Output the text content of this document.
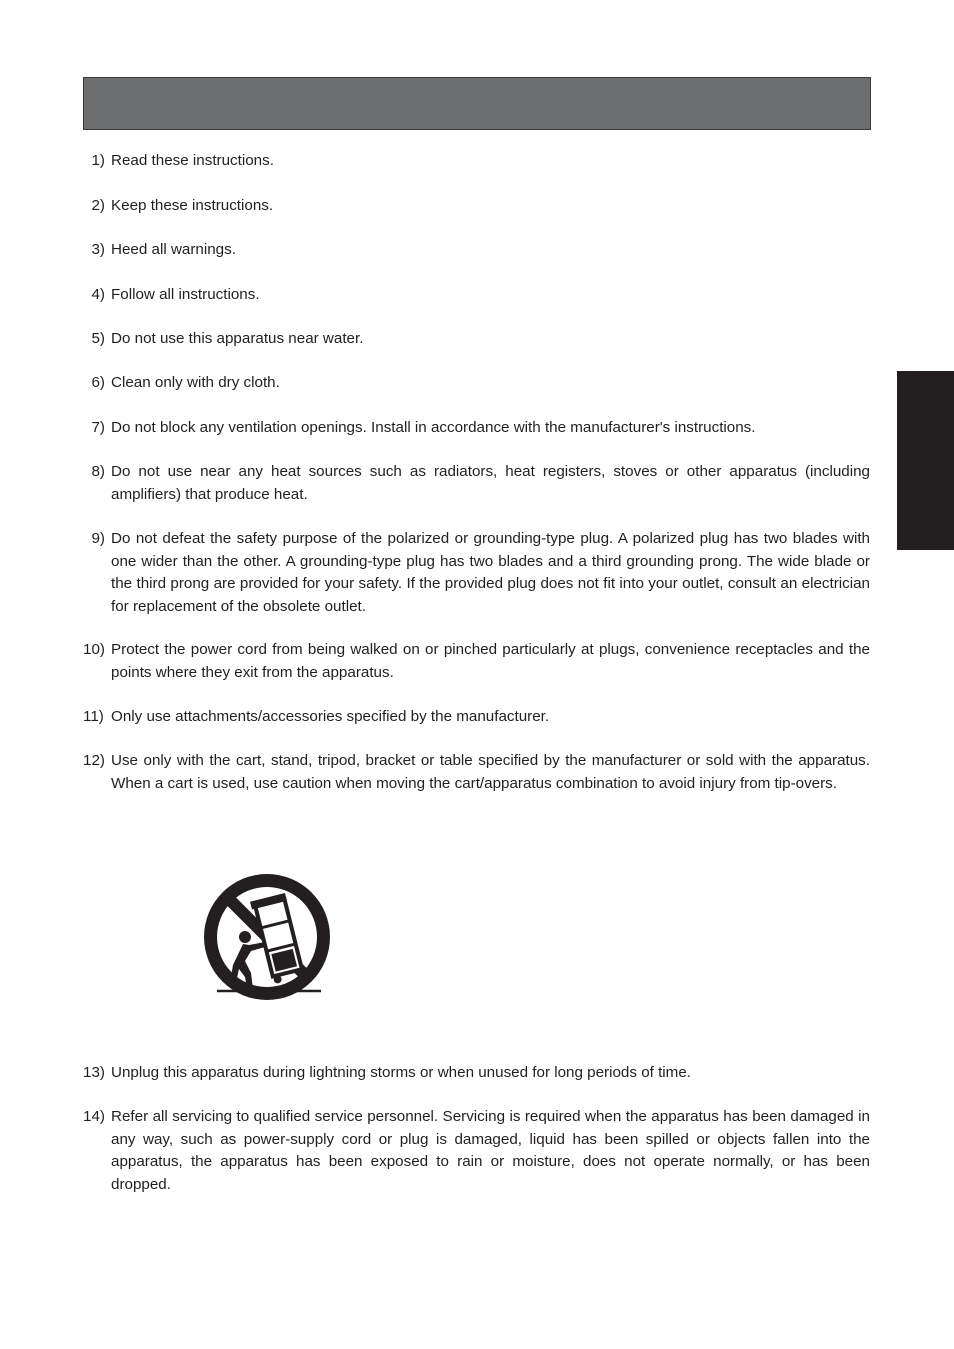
1) Read these instructions.
2) Keep these instructions.
3) Heed all warnings.
4) Follow all instructions.
5) Do not use this apparatus near water.
6) Clean only with dry cloth.
7) Do not block any ventilation openings. Install in accordance with the manufacturer's instructions.
8) Do not use near any heat sources such as radiators, heat registers, stoves or other apparatus (including amplifiers) that produce heat.
9) Do not defeat the safety purpose of the polarized or grounding-type plug. A polarized plug has two blades with one wider than the other. A grounding-type plug has two blades and a third grounding prong. The wide blade or the third prong are provided for your safety. If the provided plug does not fit into your outlet, consult an electrician for replacement of the obsolete outlet.
10) Protect the power cord from being walked on or pinched particularly at plugs, convenience receptacles and the points where they exit from the apparatus.
11) Only use attachments/accessories specified by the manufacturer.
12) Use only with the cart, stand, tripod, bracket or table specified by the manufacturer or sold with the apparatus. When a cart is used, use caution when moving the cart/apparatus combination to avoid injury from tip-overs.
13) Unplug this apparatus during lightning storms or when unused for long periods of time.
14) Refer all servicing to qualified service personnel. Servicing is required when the apparatus has been damaged in any way, such as power-supply cord or plug is damaged, liquid has been spilled or objects fallen into the apparatus, the apparatus has been exposed to rain or moisture, does not operate normally, or has been dropped.
